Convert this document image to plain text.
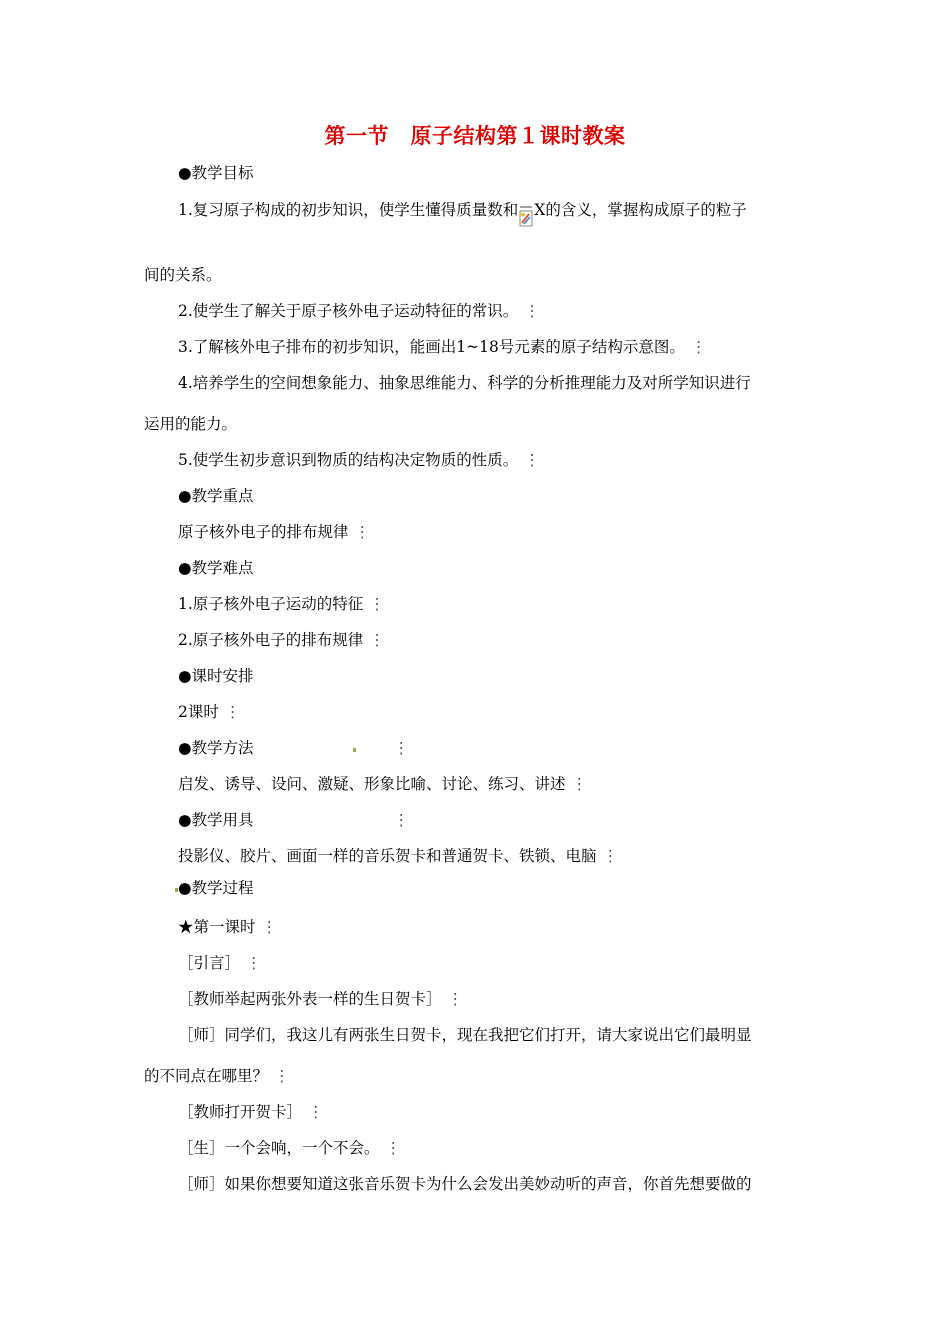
第一节　原子结构第１课时教案
●教学目标
1.复习原子构成的初步知识，使学生懂得质量数和 X的含义，掌握构成原子的粒子
间的关系。
2.使学生了解关于原子核外电子运动特征的常识。 ⋮
3.了解核外电子排布的初步知识，能画出1~18号元素的原子结构示意图。 ⋮
4.培养学生的空间想象能力、抽象思维能力、科学的分析推理能力及对所学知识进行
运用的能力。
5.使学生初步意识到物质的结构决定物质的性质。 ⋮
●教学重点
原子核外电子的排布规律 ⋮
●教学难点
1.原子核外电子运动的特征 ⋮
2.原子核外电子的排布规律 ⋮
●课时安排
2课时 ⋮
●教学方法	⋮
启发、诱导、设问、激疑、形象比喻、讨论、练习、讲述 ⋮
●教学用具	⋮
投影仪、胶片、画面一样的音乐贺卡和普通贺卡、铁锁、电脑 ⋮
●教学过程
★第一课时 ⋮
［引言］ ⋮
［教师举起两张外表一样的生日贺卡］ ⋮
［师］同学们，我这儿有两张生日贺卡，现在我把它们打开，请大家说出它们最明显
的不同点在哪里？ ⋮
［教师打开贺卡］ ⋮
［生］一个会响，一个不会。 ⋮
［师］如果你想要知道这张音乐贺卡为什么会发出美妙动听的声音，你首先想要做的
